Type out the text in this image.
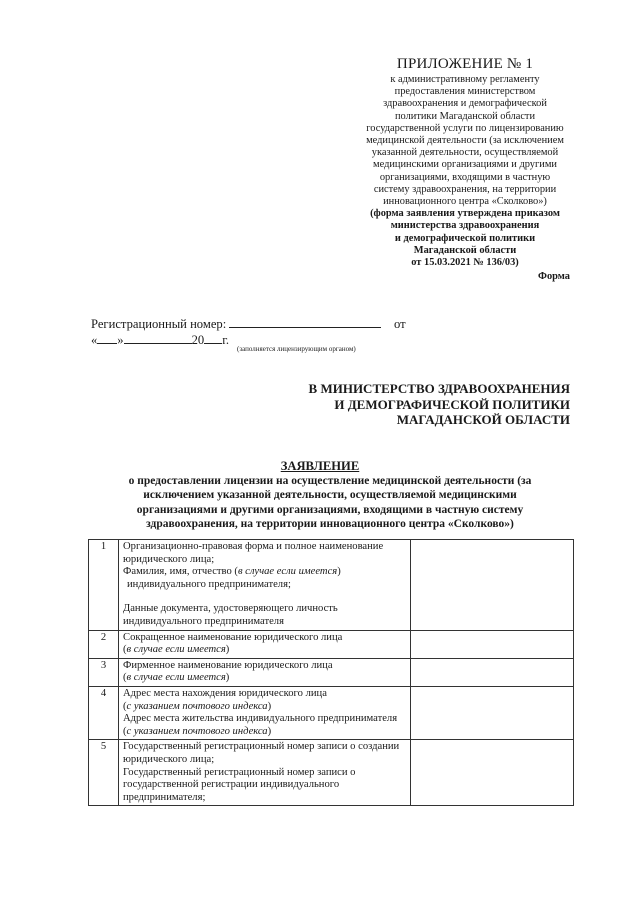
ПРИЛОЖЕНИЕ № 1
к административному регламенту
предоставления министерством
здравоохранения и демографической
политики Магаданской области
государственной услуги по лицензированию
медицинской деятельности (за исключением
указанной деятельности, осуществляемой
медицинскими организациями и другими
организациями, входящими в частную
систему здравоохранения, на территории
инновационного центра «Сколково»)
(форма заявления утверждена приказом
министерства здравоохранения
и демографической политики
Магаданской области
от 15.03.2021 № 136/03)
Форма
Регистрационный номер:	от
« »	20 г.
(заполняется лицензирующим органом)
В МИНИСТЕРСТВО ЗДРАВООХРАНЕНИЯ
И ДЕМОГРАФИЧЕСКОЙ ПОЛИТИКИ
МАГАДАНСКОЙ ОБЛАСТИ
ЗАЯВЛЕНИЕ
о предоставлении лицензии на осуществление медицинской деятельности (за
исключением указанной деятельности, осуществляемой медицинскими
организациями и другими организациями, входящими в частную систему
здравоохранения, на территории инновационного центра «Сколково»)
1	Организационно-правовая форма и полное наименование юридического лица;
Фамилия, имя, отчество (в случае если имеется)
индивидуального предпринимателя;
Данные документа, удостоверяющего личность индивидуального предпринимателя	

2	Сокращенное наименование юридического лица
(в случае если имеется)	

3	Фирменное наименование юридического лица
(в случае если имеется)	

4	Адрес места нахождения юридического лица
(с указанием почтового индекса)
Адрес места жительства индивидуального предпринимателя
(с указанием почтового индекса)	

5	Государственный регистрационный номер записи о создании юридического лица;
Государственный регистрационный номер записи о государственной регистрации индивидуального предпринимателя;	
